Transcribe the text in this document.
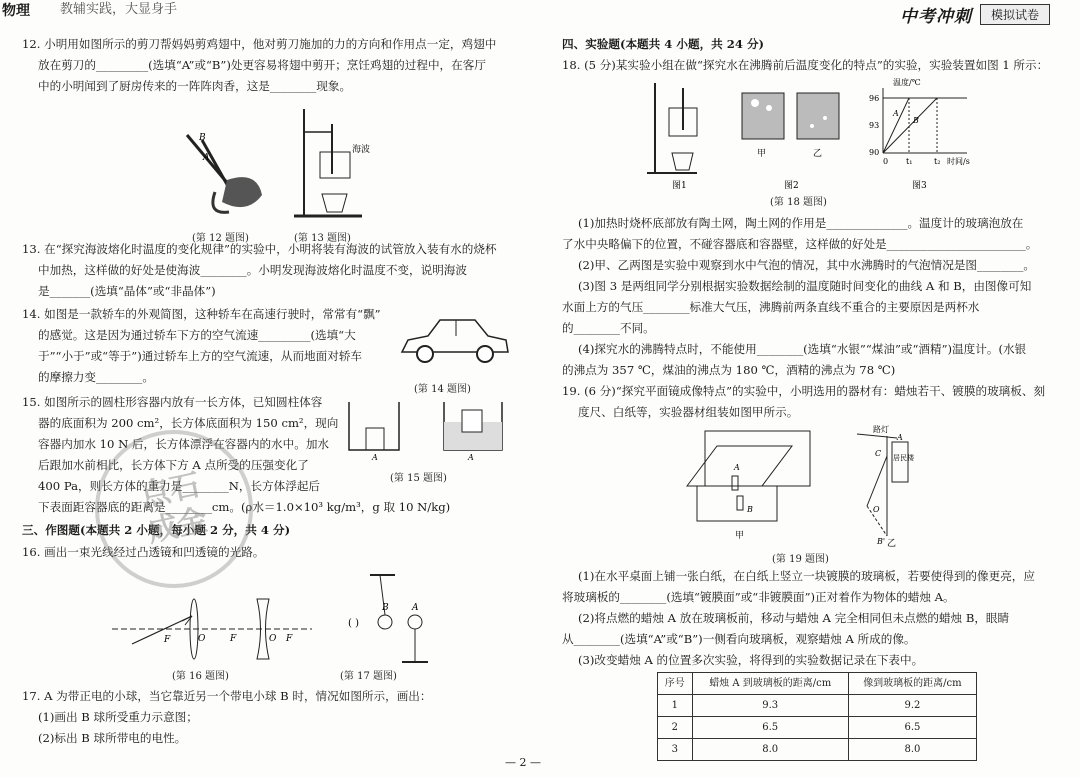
物理 教辅实践，大显身手	中考冲刺	模拟试卷

12. 小明用如图所示的剪刀帮妈妈剪鸡翅中，他对剪刀施加的力的方向和作用点一定，鸡翅中

放在剪刀的_________(选填“A”或“B”)处更容易将翅中剪开；烹饪鸡翅的过程中，在客厅

中的小明闻到了厨房传来的一阵阵肉香，这是________现象。

B
A
海波
(第 12 题图)	(第 13 题图)

13. 在“探究海波熔化时温度的变化规律”的实验中，小明将装有海波的试管放入装有水的烧杯

中加热，这样做的好处是使海波________。小明发现海波熔化时温度不变，说明海波

是_______(选填“晶体”或“非晶体”)

14. 如图是一款轿车的外观简图，这种轿车在高速行驶时，常常有“飘”

的感觉。这是因为通过轿车下方的空气流速_________(选填“大

于”“小于”或“等于”)通过轿车上方的空气流速，从而地面对轿车

的摩擦力变________。

(第 14 题图)

15. 如图所示的圆柱形容器内放有一长方体，已知圆柱体容

器的底面积为 200 cm²，长方体底面积为 150 cm²，现向

容器内加水 10 N 后，长方体漂浮在容器内的水中。加水

后跟加水前相比，长方体下方 A 点所受的压强变化了

400 Pa，则长方体的重力是________N，长方体浮起后

下表面距容器底的距离是________cm。(ρ水＝1.0×10³ kg/m³，g 取 10 N/kg)

A	A
(第 15 题图)
三、作图题(本题共 2 小题，每小题 2 分，共 4 分)
16. 画出一束光线经过凸透镜和凹透镜的光路。
F	O	F	O F
(第 16 题图)
( )
B	A
(第 17 题图)

17. A 为带正电的小球，当它靠近另一个带电小球 B 时，情况如图所示，画出：

(1)画出 B 球所受重力示意图；

(2)标出 B 球所带电的电性。

点石
成金
四、实验题(本题共 4 小题，共 24 分)
18. (5 分)某实验小组在做“探究水在沸腾前后温度变化的特点”的实验，实验装置如图 1 所示：
甲	乙
温度/℃
96
93
90
0 t₁	t₂ 时间/s
A
B
图1	图2	图3
(第 18 题图)

(1)加热时烧杯底部放有陶土网，陶土网的作用是______________。温度计的玻璃泡放在

了水中央略偏下的位置，不碰容器底和容器壁，这样做的好处是________________________。

(2)甲、乙两图是实验中观察到水中气泡的情况，其中水沸腾时的气泡情况是图________。

(3)图 3 是两组同学分别根据实验数据绘制的温度随时间变化的曲线 A 和 B，由图像可知

水面上方的气压________标准大气压，沸腾前两条直线不重合的主要原因是两杯水

的________不同。

(4)探究水的沸腾特点时，不能使用________(选填“水银”“煤油”或“酒精”)温度计。(水银

的沸点为 357 ℃，煤油的沸点为 180 ℃，酒精的沸点为 78 ℃)

19. (6 分)“探究平面镜成像特点”的实验中，小明选用的器材有：蜡烛若干、镀膜的玻璃板、刻

度尺、白纸等，实验器材组装如图甲所示。

A
B
甲
路灯
A
C 居民楼
O
B' 乙
(第 19 题图)

(1)在水平桌面上铺一张白纸，在白纸上竖立一块镀膜的玻璃板，若要使得到的像更亮，应

将玻璃板的________(选填“镀膜面”或“非镀膜面”)正对着作为物体的蜡烛 A。

(2)将点燃的蜡烛 A 放在玻璃板前，移动与蜡烛 A 完全相同但未点燃的蜡烛 B，眼睛

从________(选填“A”或“B”)一侧看向玻璃板，观察蜡烛 A 所成的像。

(3)改变蜡烛 A 的位置多次实验，将得到的实验数据记录在下表中。

序号	蜡烛 A 到玻璃板的距离/cm	像到玻璃板的距离/cm
1	9.3	9.2
2	6.5	6.5
3	8.0	8.0
— 2 —
